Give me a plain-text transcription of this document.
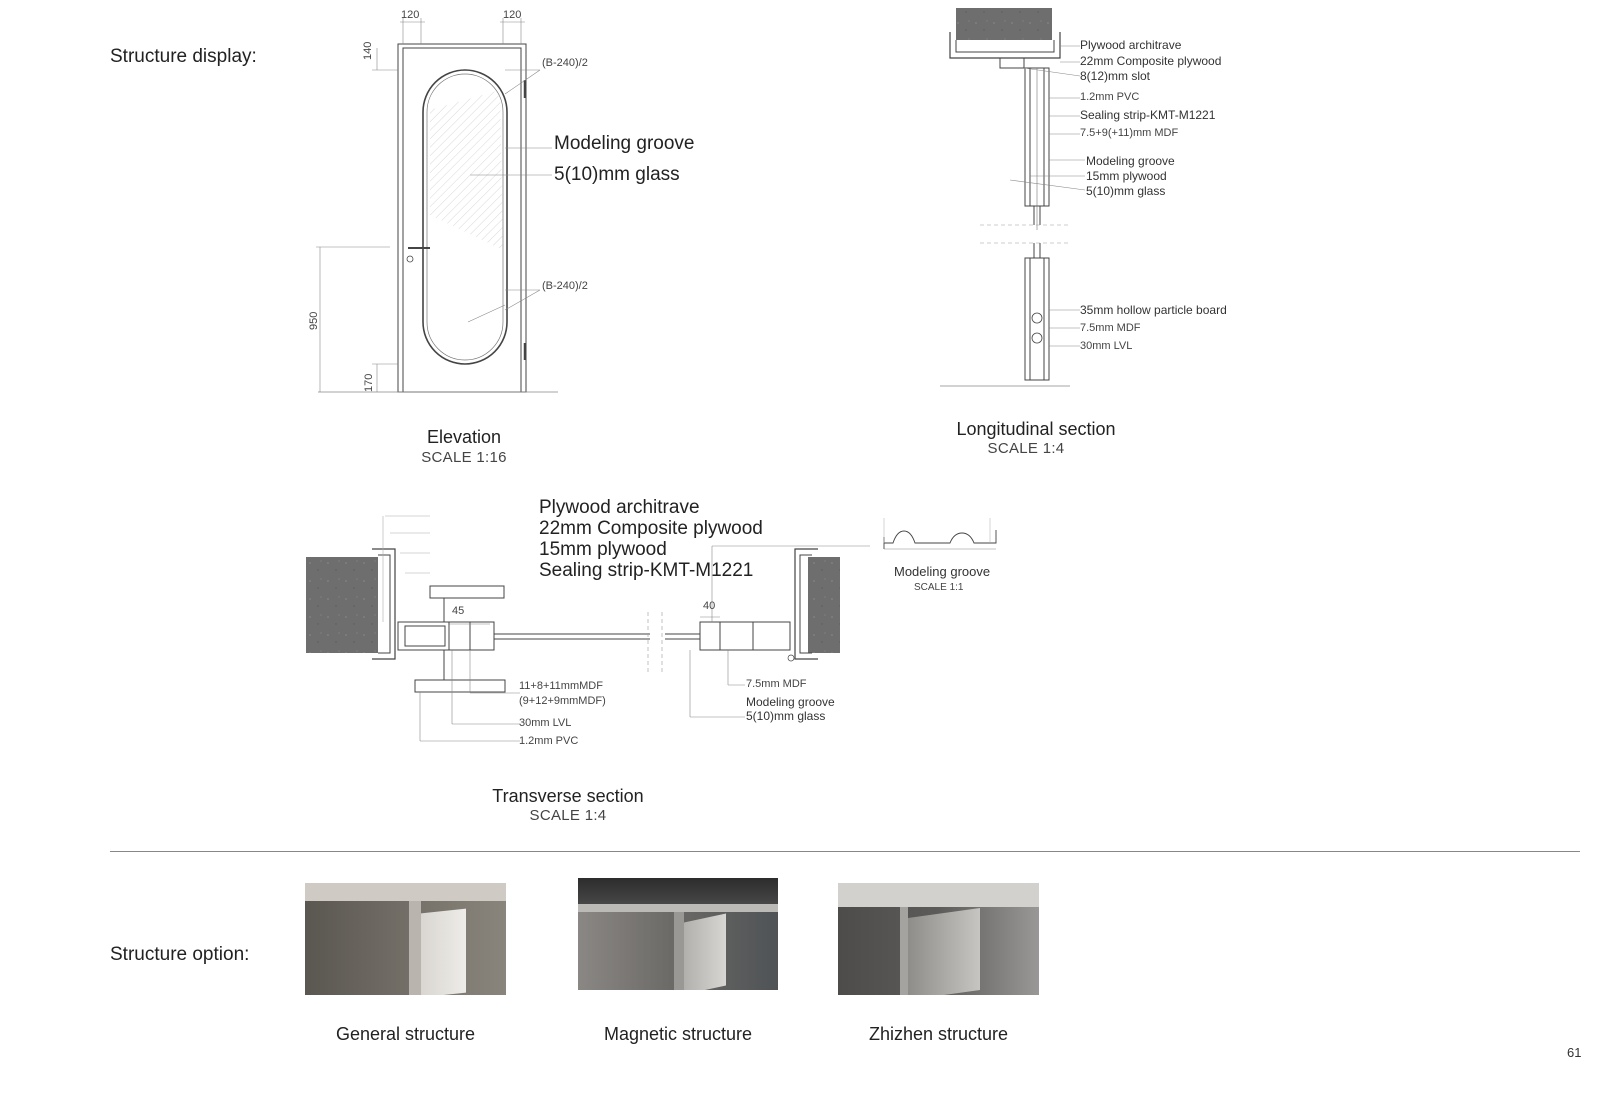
Structure display:
Structure option:
120	120
140
950
170
(B-240)/2
(B-240)/2
Modeling groove
5(10)mm glass
Elevation
SCALE 1:16
Plywood architrave
22mm Composite plywood
8(12)mm slot
1.2mm PVC
Sealing strip-KMT-M1221
7.5+9(+11)mm MDF
Modeling groove
15mm plywood
5(10)mm glass
35mm hollow particle board
7.5mm MDF
30mm LVL
Longitudinal section
SCALE 1:4
Plywood architrave
22mm Composite plywood
15mm plywood
Sealing strip-KMT-M1221
45	40
11+8+11mmMDF
(9+12+9mmMDF)
30mm LVL
1.2mm PVC
7.5mm MDF
Modeling groove
5(10)mm glass
Transverse section
SCALE 1:4
Modeling groove
SCALE 1:1
General structure	Magnetic structure	Zhizhen structure
61
